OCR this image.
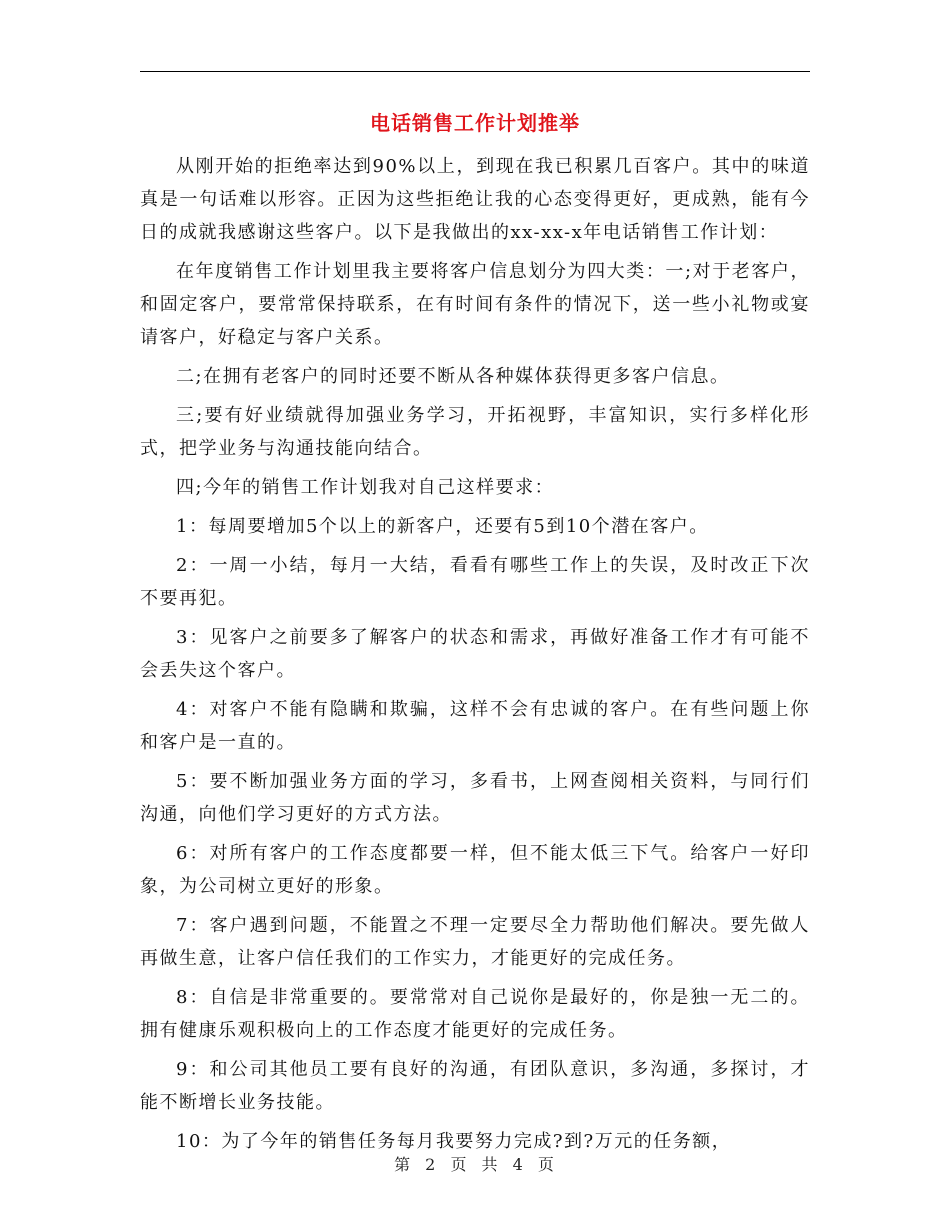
电话销售工作计划推举

从刚开始的拒绝率达到90%以上，到现在我已积累几百客户。其中的味道真是一句话难以形容。正因为这些拒绝让我的心态变得更好，更成熟，能有今日的成就我感谢这些客户。以下是我做出的xx-xx-x年电话销售工作计划：

在年度销售工作计划里我主要将客户信息划分为四大类：一;对于老客户，和固定客户，要常常保持联系，在有时间有条件的情况下，送一些小礼物或宴请客户，好稳定与客户关系。

二;在拥有老客户的同时还要不断从各种媒体获得更多客户信息。

三;要有好业绩就得加强业务学习，开拓视野，丰富知识，实行多样化形式，把学业务与沟通技能向结合。

四;今年的销售工作计划我对自己这样要求：

1：每周要增加5个以上的新客户，还要有5到10个潜在客户。

2：一周一小结，每月一大结，看看有哪些工作上的失误，及时改正下次不要再犯。

3：见客户之前要多了解客户的状态和需求，再做好准备工作才有可能不会丢失这个客户。

4：对客户不能有隐瞒和欺骗，这样不会有忠诚的客户。在有些问题上你和客户是一直的。

5：要不断加强业务方面的学习，多看书，上网查阅相关资料，与同行们沟通，向他们学习更好的方式方法。

6：对所有客户的工作态度都要一样，但不能太低三下气。给客户一好印象，为公司树立更好的形象。

7：客户遇到问题，不能置之不理一定要尽全力帮助他们解决。要先做人再做生意，让客户信任我们的工作实力，才能更好的完成任务。

8：自信是非常重要的。要常常对自己说你是最好的，你是独一无二的。拥有健康乐观积极向上的工作态度才能更好的完成任务。

9：和公司其他员工要有良好的沟通，有团队意识，多沟通，多探讨，才能不断增长业务技能。

10：为了今年的销售任务每月我要努力完成?到?万元的任务额，

第 2 页 共 4 页
